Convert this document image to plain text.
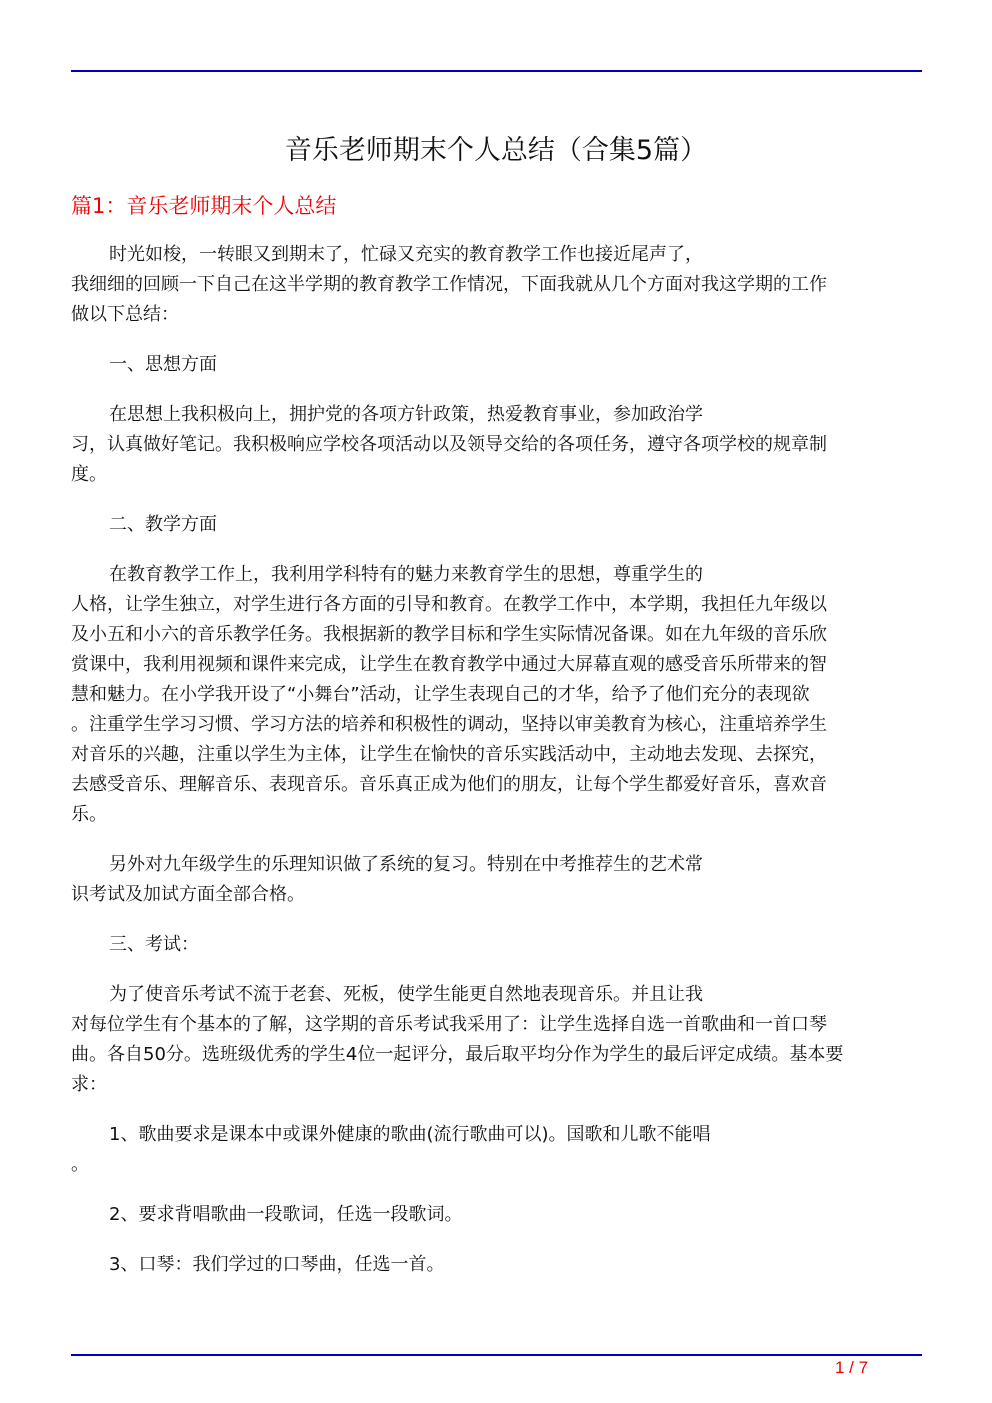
音乐老师期末个人总结（合集5篇）
篇1：音乐老师期末个人总结
时光如梭，一转眼又到期末了，忙碌又充实的教育教学工作也接近尾声了，
我细细的回顾一下自己在这半学期的教育教学工作情况，下面我就从几个方面对我这学期的工作
做以下总结：
一、思想方面
在思想上我积极向上，拥护党的各项方针政策，热爱教育事业，参加政治学
习，认真做好笔记。我积极响应学校各项活动以及领导交给的各项任务，遵守各项学校的规章制
度。
二、教学方面
在教育教学工作上，我利用学科特有的魅力来教育学生的思想，尊重学生的
人格，让学生独立，对学生进行各方面的引导和教育。在教学工作中，本学期，我担任九年级以
及小五和小六的音乐教学任务。我根据新的教学目标和学生实际情况备课。如在九年级的音乐欣
赏课中，我利用视频和课件来完成，让学生在教育教学中通过大屏幕直观的感受音乐所带来的智
慧和魅力。在小学我开设了“小舞台”活动，让学生表现自己的才华，给予了他们充分的表现欲
。注重学生学习习惯、学习方法的培养和积极性的调动，坚持以审美教育为核心，注重培养学生
对音乐的兴趣，注重以学生为主体，让学生在愉快的音乐实践活动中，主动地去发现、去探究，
去感受音乐、理解音乐、表现音乐。音乐真正成为他们的朋友，让每个学生都爱好音乐，喜欢音
乐。
另外对九年级学生的乐理知识做了系统的复习。特别在中考推荐生的艺术常
识考试及加试方面全部合格。
三、考试：
为了使音乐考试不流于老套、死板，使学生能更自然地表现音乐。并且让我
对每位学生有个基本的了解，这学期的音乐考试我采用了：让学生选择自选一首歌曲和一首口琴
曲。各自50分。选班级优秀的学生4位一起评分，最后取平均分作为学生的最后评定成绩。基本要
求：
1、歌曲要求是课本中或课外健康的歌曲(流行歌曲可以)。国歌和儿歌不能唱
。
2、要求背唱歌曲一段歌词，任选一段歌词。
3、口琴：我们学过的口琴曲，任选一首。
1 / 7
